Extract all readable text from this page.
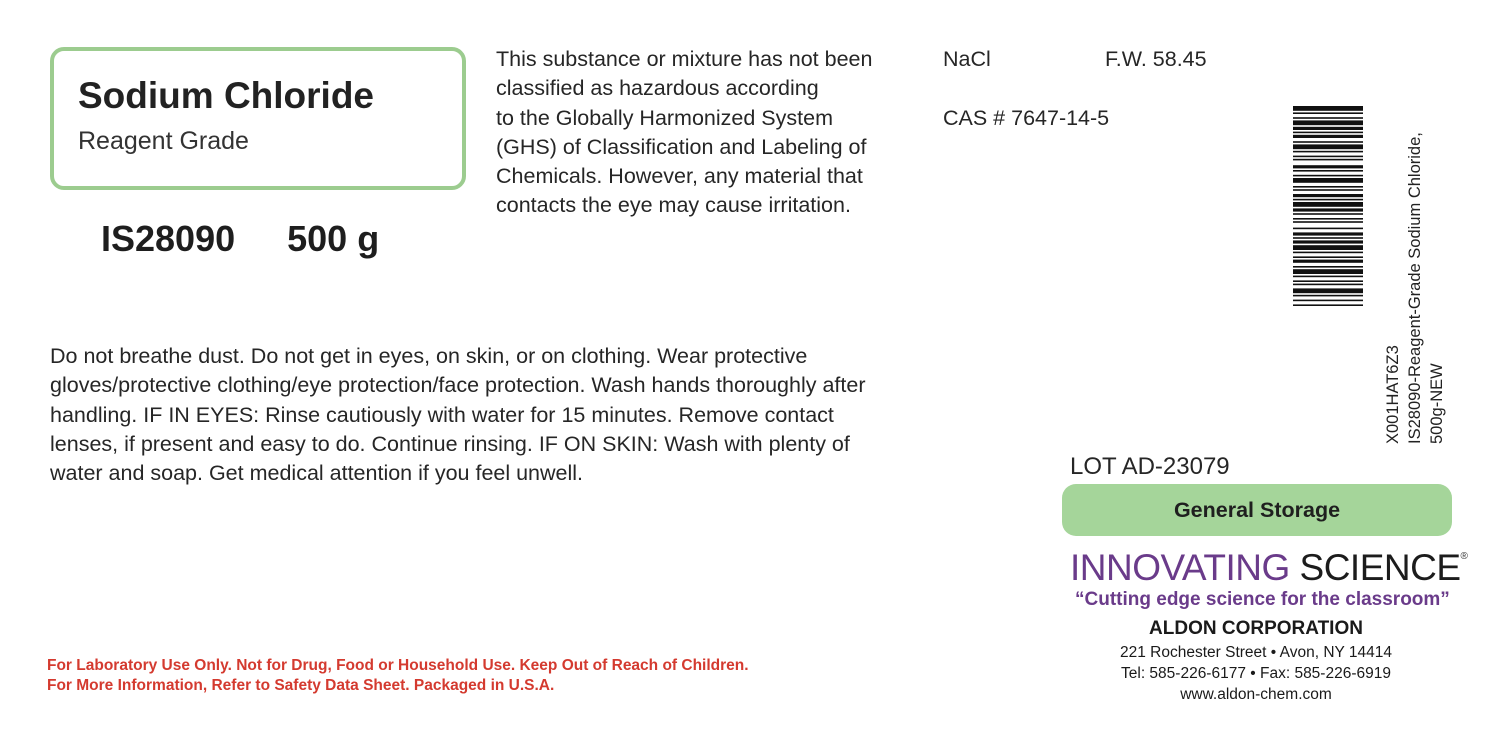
Sodium Chloride
Reagent Grade
IS28090 500 g
This substance or mixture has not been
classified as hazardous according
to the Globally Harmonized System
(GHS) of Classification and Labeling of
Chemicals. However, any material that
contacts the eye may cause irritation.
NaCl	F.W. 58.45
CAS # 7647-14-5
Do not breathe dust. Do not get in eyes, on skin, or on clothing. Wear protective
gloves/protective clothing/eye protection/face protection. Wash hands thoroughly after
handling. IF IN EYES: Rinse cautiously with water for 15 minutes. Remove contact
lenses, if present and easy to do. Continue rinsing. IF ON SKIN: Wash with plenty of
water and soap. Get medical attention if you feel unwell.
X001HAT6Z3 IS28090-Reagent-Grade Sodium Chloride,
500g-NEW
LOT AD-23079
General Storage
INNOVATING SCIENCE®
“Cutting edge science for the classroom”
ALDON CORPORATION
221 Rochester Street • Avon, NY 14414
Tel: 585-226-6177 • Fax: 585-226-6919
www.aldon-chem.com
For Laboratory Use Only. Not for Drug, Food or Household Use. Keep Out of Reach of Children.
For More Information, Refer to Safety Data Sheet. Packaged in U.S.A.
